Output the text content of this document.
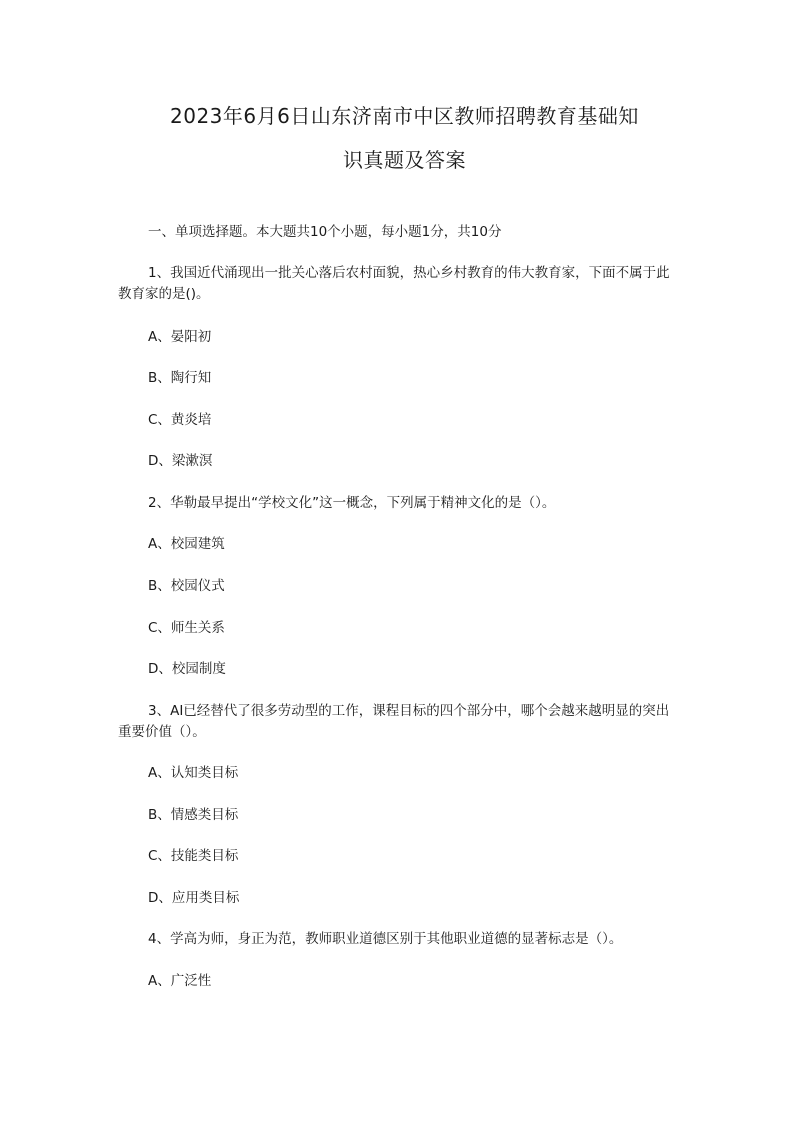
2023年6月6日山东济南市中区教师招聘教育基础知
识真题及答案
一、单项选择题。本大题共10个小题，每小题1分，共10分
1、我国近代涌现出一批关心落后农村面貌，热心乡村教育的伟大教育家，下面不属于此教育家的是()。
A、晏阳初
B、陶行知
C、黄炎培
D、梁漱溟
2、华勒最早提出“学校文化”这一概念，下列属于精神文化的是（）。
A、校园建筑
B、校园仪式
C、师生关系
D、校园制度
3、AI已经替代了很多劳动型的工作，课程目标的四个部分中，哪个会越来越明显的突出重要价值（）。
A、认知类目标
B、情感类目标
C、技能类目标
D、应用类目标
4、学高为师，身正为范，教师职业道德区别于其他职业道德的显著标志是（）。
A、广泛性
